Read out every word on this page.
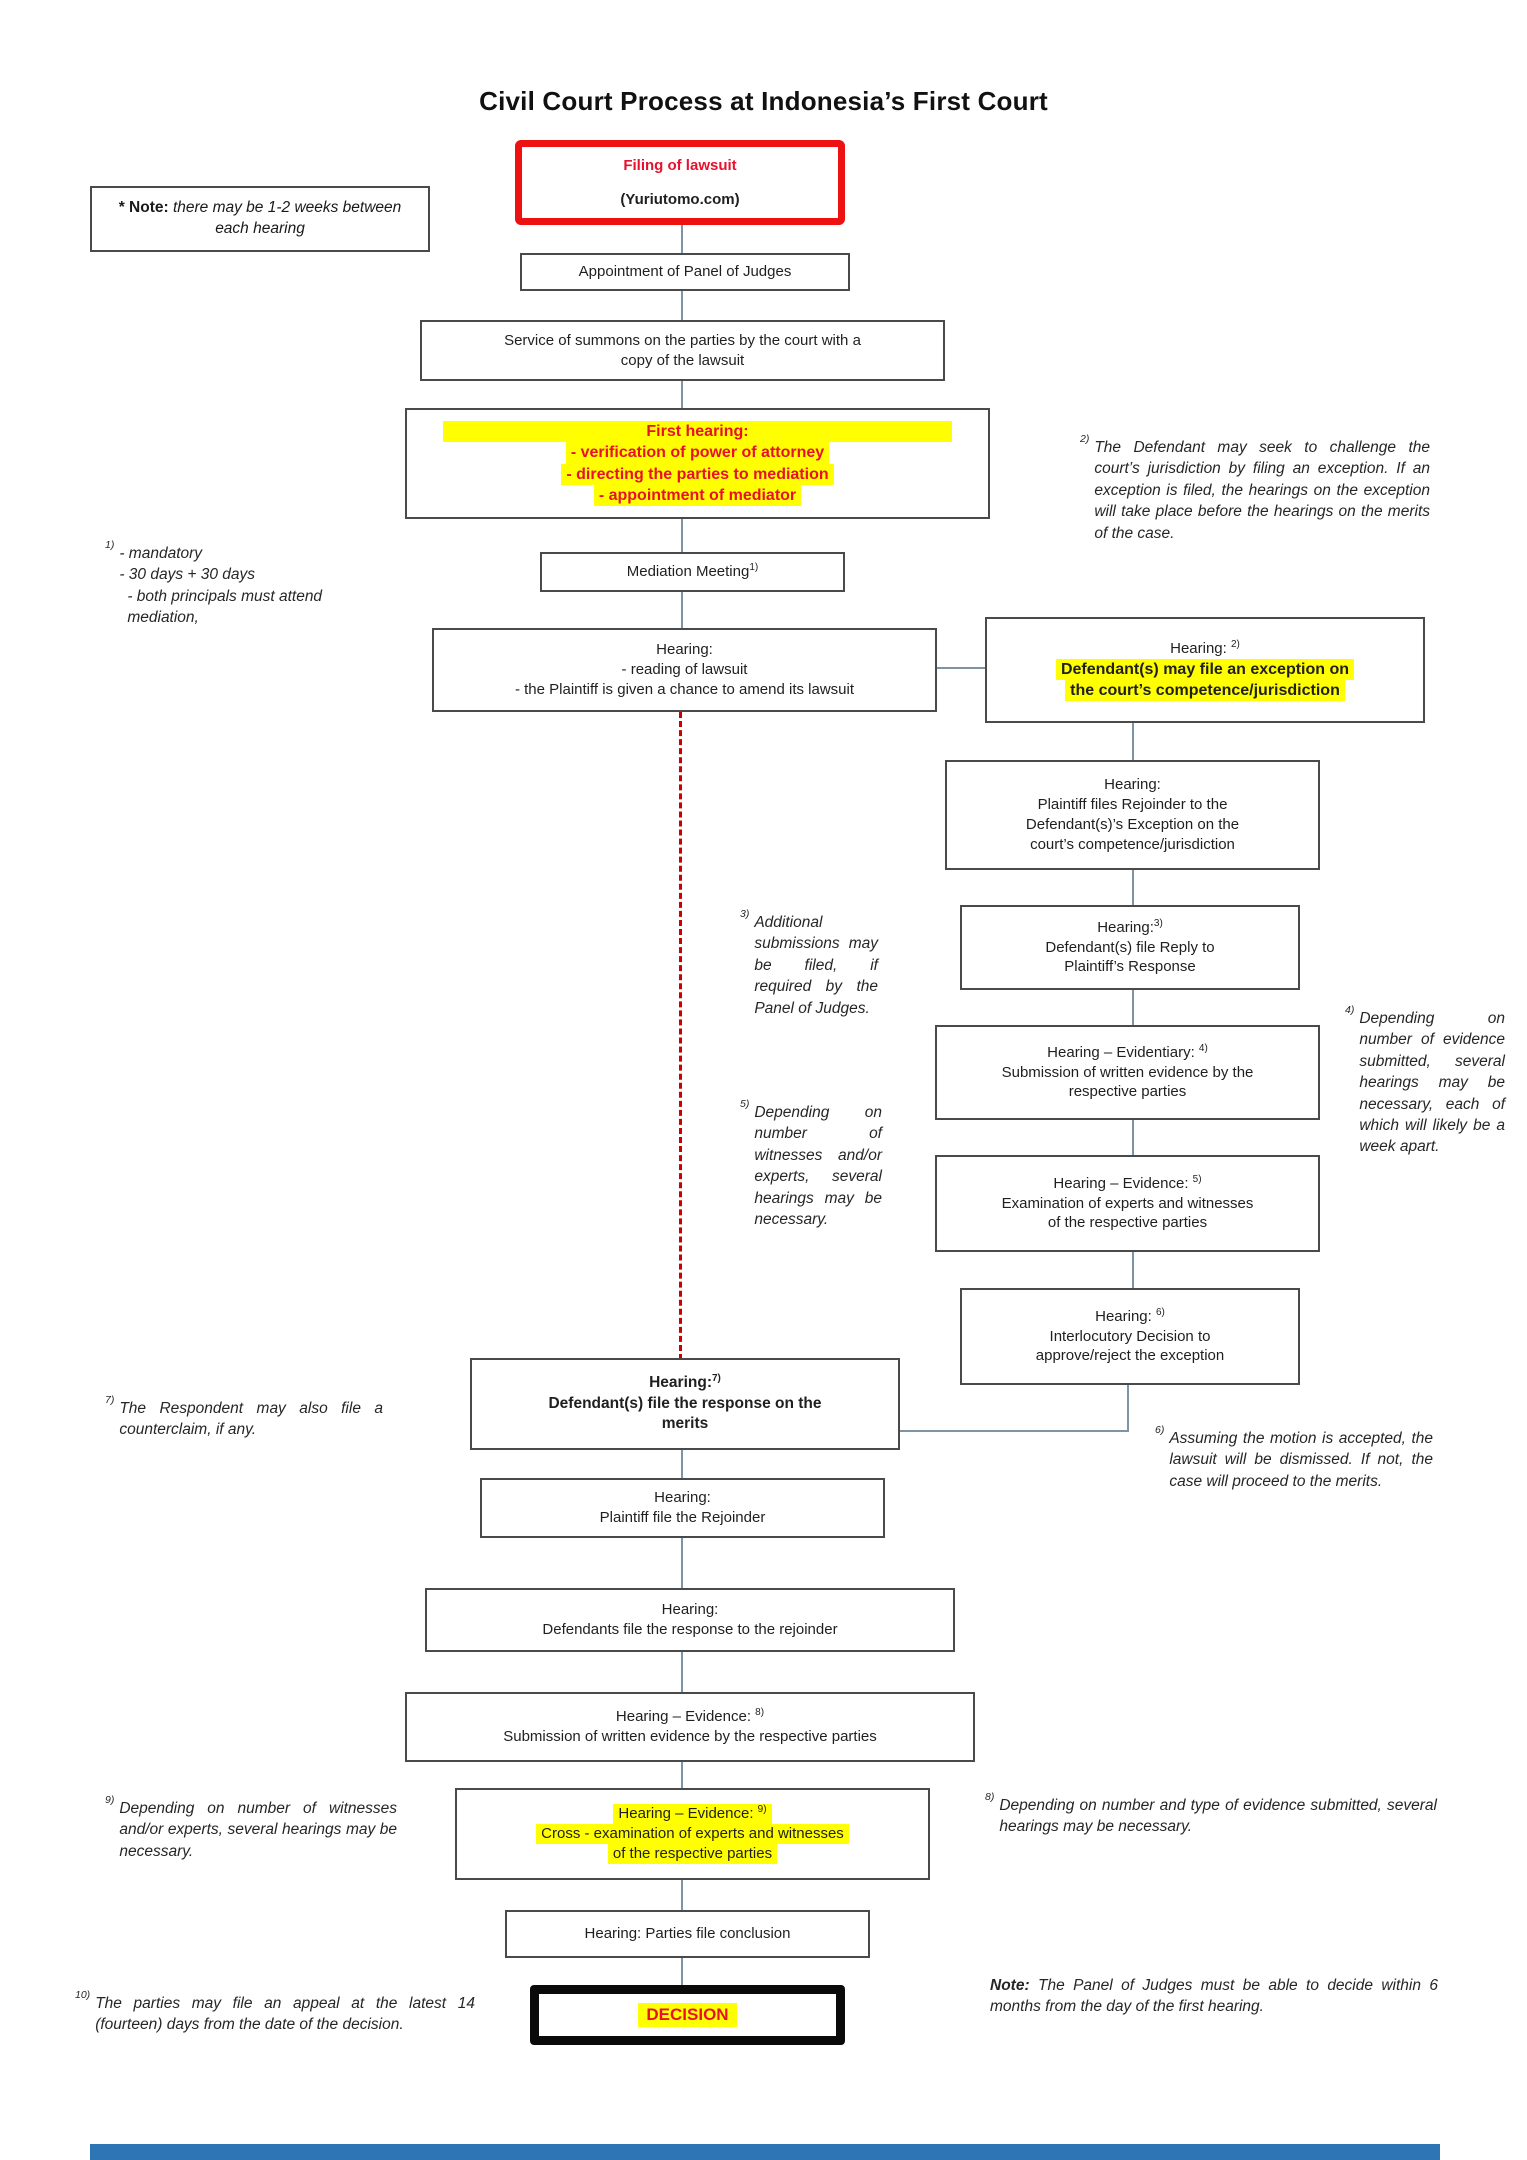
Civil Court Process at Indonesia’s First Court
Filing of lawsuit
(Yuriutomo.com)
* Note: there may be 1-2 weeks between each hearing
Appointment of Panel of Judges
Service of summons on the parties by the court with a
copy of the lawsuit
First hearing:
- verification of power of attorney
- directing the parties to mediation
- appointment of mediator
1) - mandatory
- 30 days + 30 days
- both principals must attend mediation,
2) The Defendant may seek to challenge the court’s jurisdiction by filing an exception. If an exception is filed, the hearings on the exception will take place before the hearings on the merits of the case.
Mediation Meeting$^{1)}$
Hearing:
- reading of lawsuit
- the Plaintiff is given a chance to amend its lawsuit
Hearing: $^{2)}$
Defendant(s) may file an exception on
the court’s competence/jurisdiction
Hearing:
Plaintiff files Rejoinder to the
Defendant(s)’s Exception on the
court’s competence/jurisdiction
Hearing:$^{3)}$
Defendant(s) file Reply to
Plaintiff’s Response
3) Additional submissions may be filed, if required by the Panel of Judges.
Hearing – Evidentiary: $^{4)}$
Submission of written evidence by the
respective parties
4) Depending on number of evidence submitted, several hearings may be necessary, each of which will likely be a week apart.
Hearing – Evidence: $^{5)}$
Examination of experts and witnesses
of the respective parties
5) Depending on number of witnesses and/or experts, several hearings may be necessary.
Hearing: $^{6)}$
Interlocutory Decision to
approve/reject the exception
6) Assuming the motion is accepted, the lawsuit will be dismissed. If not, the case will proceed to the merits.
Hearing:$^{7)}$
Defendant(s) file the response on the
merits
7) The Respondent may also file a counterclaim, if any.
Hearing:
Plaintiff file the Rejoinder
Hearing:
Defendants file the response to the rejoinder
Hearing – Evidence: $^{8)}$
Submission of written evidence by the respective parties
Hearing – Evidence: $^{9)}$
Cross - examination of experts and witnesses
of the respective parties
9) Depending on number of witnesses and/or experts, several hearings may be necessary.
8) Depending on number and type of evidence submitted, several hearings may be necessary.
Hearing: Parties file conclusion
DECISION
10) The parties may file an appeal at the latest 14 (fourteen) days from the date of the decision.
Note: The Panel of Judges must be able to decide within 6 months from the day of the first hearing.
